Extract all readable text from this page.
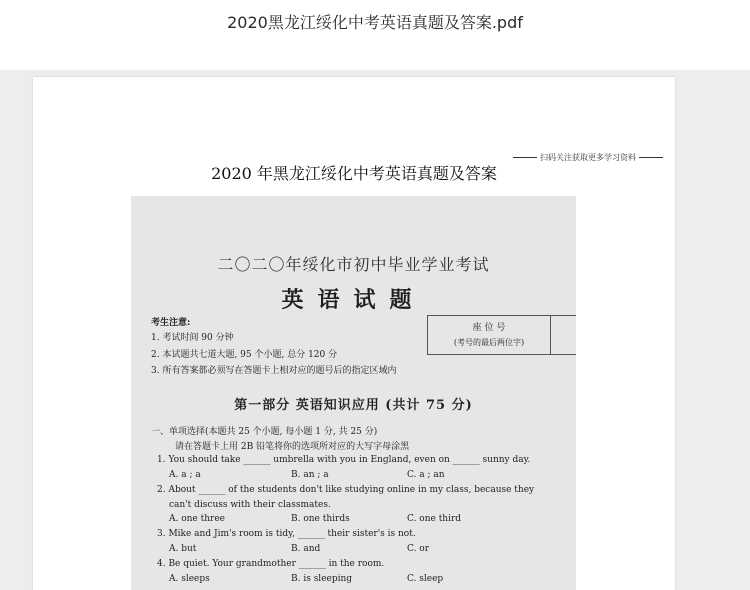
2020黑龙江绥化中考英语真题及答案.pdf
扫码关注获取更多学习资料
2020 年黑龙江绥化中考英语真题及答案
二〇二〇年绥化市初中毕业学业考试
英语试题
考生注意:
1. 考试时间 90 分钟
2. 本试题共七道大题, 95 个小题, 总分 120 分
3. 所有答案都必须写在答题卡上相对应的题号后的指定区域内
座 位 号
(考号的最后两位字)
第一部分 英语知识应用 (共计 75 分)
一、单项选择(本题共 25 个小题, 每小题 1 分, 共 25 分)
请在答题卡上用 2B 铅笔将你的选项所对应的大写字母涂黑
1. You should take ______ umbrella with you in England, even on ______ sunny day.
A. a ; a	B. an ; a	C. a ; an
2. About ______ of the students don't like studying online in my class, because they
can't discuss with their classmates.
A. one three	B. one thirds	C. one third
3. Mike and Jim's room is tidy, ______ their sister's is not.
A. but	B. and	C. or
4. Be quiet. Your grandmother ______ in the room.
A. sleeps	B. is sleeping	C. sleep
